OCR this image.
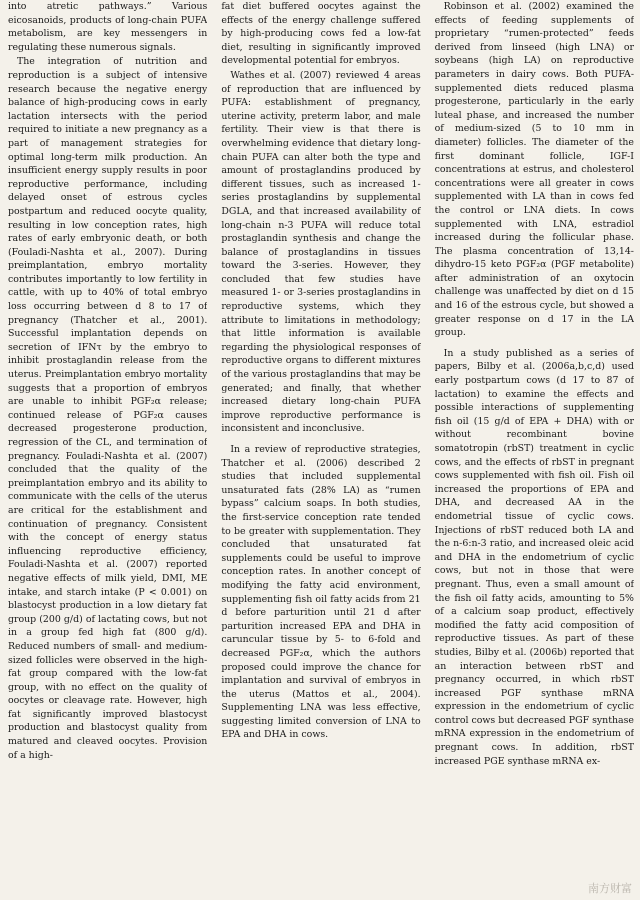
into atretic pathways.” Various eicosanoids, products of long-chain PUFA metabolism, are key messengers in regulating these numerous signals.

The integration of nutrition and reproduction is a subject of intensive research because the negative energy balance of high-producing cows in early lactation intersects with the period required to initiate a new pregnancy as a part of management strategies for optimal long-term milk production. An insufficient energy supply results in poor reproductive performance, including delayed onset of estrous cycles postpartum and reduced oocyte quality, resulting in low conception rates, high rates of early embryonic death, or both (Fouladi-Nashta et al., 2007). During preimplantation, embryo mortality contributes importantly to low fertility in cattle, with up to 40% of total embryo loss occurring between d 8 to 17 of pregnancy (Thatcher et al., 2001). Successful implantation depends on secretion of IFNτ by the embryo to inhibit prostaglandin release from the uterus. Preimplantation embryo mortality suggests that a proportion of embryos are unable to inhibit PGF₂α release; continued release of PGF₂α causes decreased progesterone production, regression of the CL, and termination of pregnancy. Fouladi-Nashta et al. (2007) concluded that the quality of the preimplantation embryo and its ability to communicate with the cells of the uterus are critical for the establishment and continuation of pregnancy. Consistent with the concept of energy status influencing reproductive efficiency, Fouladi-Nashta et al. (2007) reported negative effects of milk yield, DMI, ME intake, and starch intake (P < 0.001) on blastocyst production in a low dietary fat group (200 g/d) of lactating cows, but not in a group fed high fat (800 g/d). Reduced numbers of small- and medium-sized follicles were observed in the high-fat group compared with the low-fat group, with no effect on the quality of oocytes or cleavage rate. However, high fat significantly improved blastocyst production and blastocyst quality from matured and cleaved oocytes. Provision of a high-

fat diet buffered oocytes against the effects of the energy challenge suffered by high-producing cows fed a low-fat diet, resulting in significantly improved developmental potential for embryos.

Wathes et al. (2007) reviewed 4 areas of reproduction that are influenced by PUFA: establishment of pregnancy, uterine activity, preterm labor, and male fertility. Their view is that there is overwhelming evidence that dietary long-chain PUFA can alter both the type and amount of prostaglandins produced by different tissues, such as increased 1-series prostaglandins by supplemental DGLA, and that increased availability of long-chain n-3 PUFA will reduce total prostaglandin synthesis and change the balance of prostaglandins in tissues toward the 3-series. However, they concluded that few studies have measured 1- or 3-series prostaglandins in reproductive systems, which they attribute to limitations in methodology; that little information is available regarding the physiological responses of reproductive organs to different mixtures of the various prostaglandins that may be generated; and finally, that whether increased dietary long-chain PUFA improve reproductive performance is inconsistent and inconclusive.

In a review of reproductive strategies, Thatcher et al. (2006) described 2 studies that included supplemental unsaturated fats (28% LA) as “rumen bypass” calcium soaps. In both studies, the first-service conception rate tended to be greater with supplementation. They concluded that unsaturated fat supplements could be useful to improve conception rates. In another concept of modifying the fatty acid environment, supplementing fish oil fatty acids from 21 d before parturition until 21 d after parturition increased EPA and DHA in caruncular tissue by 5- to 6-fold and decreased PGF₂α, which the authors proposed could improve the chance for implantation and survival of embryos in the uterus (Mattos et al., 2004). Supplementing LNA was less effective, suggesting limited conversion of LNA to EPA and DHA in cows.

Robinson et al. (2002) examined the effects of feeding supplements of proprietary “rumen-protected” feeds derived from linseed (high LNA) or soybeans (high LA) on reproductive parameters in dairy cows. Both PUFA-supplemented diets reduced plasma progesterone, particularly in the early luteal phase, and increased the number of medium-sized (5 to 10 mm in diameter) follicles. The diameter of the first dominant follicle, IGF-I concentrations at estrus, and cholesterol concentrations were all greater in cows supplemented with LA than in cows fed the control or LNA diets. In cows supplemented with LNA, estradiol increased during the follicular phase. The plasma concentration of 13,14-dihydro-15 keto PGF₂α (PGF metabolite) after administration of an oxytocin challenge was unaffected by diet on d 15 and 16 of the estrous cycle, but showed a greater response on d 17 in the LA group.

In a study published as a series of papers, Bilby et al. (2006a,b,c,d) used early postpartum cows (d 17 to 87 of lactation) to examine the effects and possible interactions of supplementing fish oil (15 g/d of EPA + DHA) with or without recombinant bovine somatotropin (rbST) treatment in cyclic cows, and the effects of rbST in pregnant cows supplemented with fish oil. Fish oil increased the proportions of EPA and DHA, and decreased AA in the endometrial tissue of cyclic cows. Injections of rbST reduced both LA and the n-6:n-3 ratio, and increased oleic acid and DHA in the endometrium of cyclic cows, but not in those that were pregnant. Thus, even a small amount of the fish oil fatty acids, amounting to 5% of a calcium soap product, effectively modified the fatty acid composition of reproductive tissues. As part of these studies, Bilby et al. (2006b) reported that an interaction between rbST and pregnancy occurred, in which rbST increased PGF synthase mRNA expression in the endometrium of cyclic control cows but decreased PGF synthase mRNA expression in the endometrium of pregnant cows. In addition, rbST increased PGE synthase mRNA ex-

南方财富
